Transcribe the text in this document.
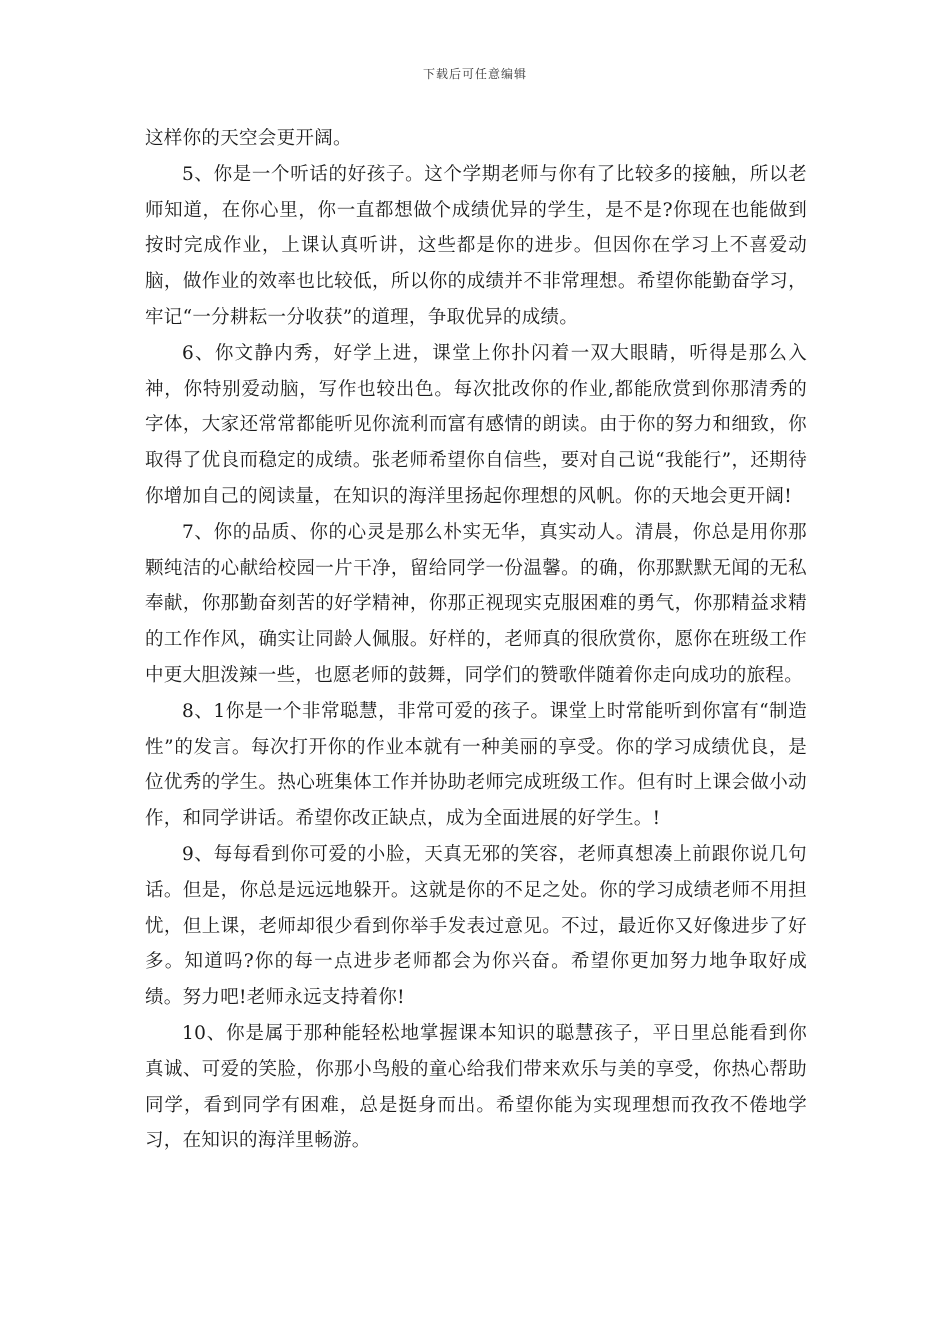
下载后可任意编辑

这样你的天空会更开阔。

5、你是一个听话的好孩子。这个学期老师与你有了比较多的接触，所以老师知道，在你心里，你一直都想做个成绩优异的学生，是不是?你现在也能做到按时完成作业，上课认真听讲，这些都是你的进步。但因你在学习上不喜爱动脑，做作业的效率也比较低，所以你的成绩并不非常理想。希望你能勤奋学习，牢记“一分耕耘一分收获”的道理，争取优异的成绩。

6、你文静内秀，好学上进，课堂上你扑闪着一双大眼睛，听得是那么入神，你特别爱动脑，写作也较出色。每次批改你的作业,都能欣赏到你那清秀的字体，大家还常常都能听见你流利而富有感情的朗读。由于你的努力和细致，你取得了优良而稳定的成绩。张老师希望你自信些，要对自己说“我能行”，还期待你增加自己的阅读量，在知识的海洋里扬起你理想的风帆。你的天地会更开阔!

7、你的品质、你的心灵是那么朴实无华，真实动人。清晨，你总是用你那颗纯洁的心献给校园一片干净，留给同学一份温馨。的确，你那默默无闻的无私奉献，你那勤奋刻苦的好学精神，你那正视现实克服困难的勇气，你那精益求精的工作作风，确实让同龄人佩服。好样的，老师真的很欣赏你，愿你在班级工作中更大胆泼辣一些，也愿老师的鼓舞，同学们的赞歌伴随着你走向成功的旅程。

8、1你是一个非常聪慧，非常可爱的孩子。课堂上时常能听到你富有“制造性”的发言。每次打开你的作业本就有一种美丽的享受。你的学习成绩优良，是位优秀的学生。热心班集体工作并协助老师完成班级工作。但有时上课会做小动作，和同学讲话。希望你改正缺点，成为全面进展的好学生。!

9、每每看到你可爱的小脸，天真无邪的笑容，老师真想凑上前跟你说几句话。但是，你总是远远地躲开。这就是你的不足之处。你的学习成绩老师不用担忧，但上课，老师却很少看到你举手发表过意见。不过，最近你又好像进步了好多。知道吗?你的每一点进步老师都会为你兴奋。希望你更加努力地争取好成绩。努力吧!老师永远支持着你!

10、你是属于那种能轻松地掌握课本知识的聪慧孩子，平日里总能看到你真诚、可爱的笑脸，你那小鸟般的童心给我们带来欢乐与美的享受，你热心帮助同学，看到同学有困难，总是挺身而出。希望你能为实现理想而孜孜不倦地学习，在知识的海洋里畅游。
